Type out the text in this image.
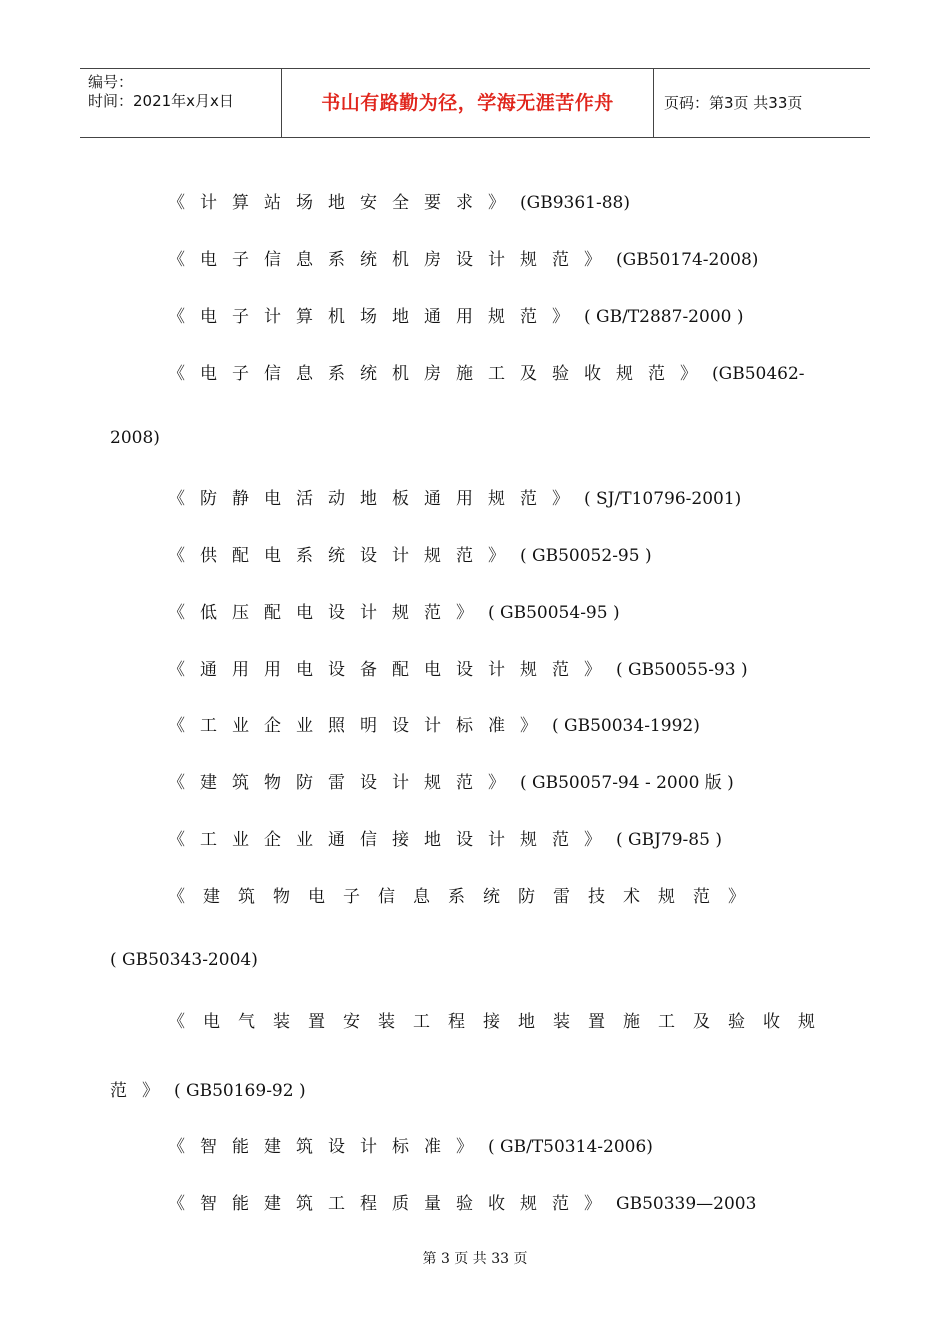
编号：
时间：2021年x月x日	书山有路勤为径，学海无涯苦作舟	页码：第3页 共33页
《计算站场地安全要求》(GB9361-88)
《电子信息系统机房设计规范》(GB50174-2008)
《电子计算机场地通用规范》( GB/T2887-2000 )
《电子信息系统机房施工及验收规范》(GB50462-
2008)
《防静电活动地板通用规范》( SJ/T10796-2001)
《供配电系统设计规范》( GB50052-95 )
《低压配电设计规范》( GB50054-95 )
《通用用电设备配电设计规范》( GB50055-93 )
《工业企业照明设计标准》( GB50034-1992)
《建筑物防雷设计规范》( GB50057-94 - 2000 版 )
《工业企业通信接地设计规范》( GBJ79-85 )
《建筑物电子信息系统防雷技术规范》
( GB50343-2004)
《电气装置安装工程接地装置施工及验收规
范》( GB50169-92 )
《智能建筑设计标准》( GB/T50314-2006)
《智能建筑工程质量验收规范》GB50339—2003
第 3 页 共 33 页
